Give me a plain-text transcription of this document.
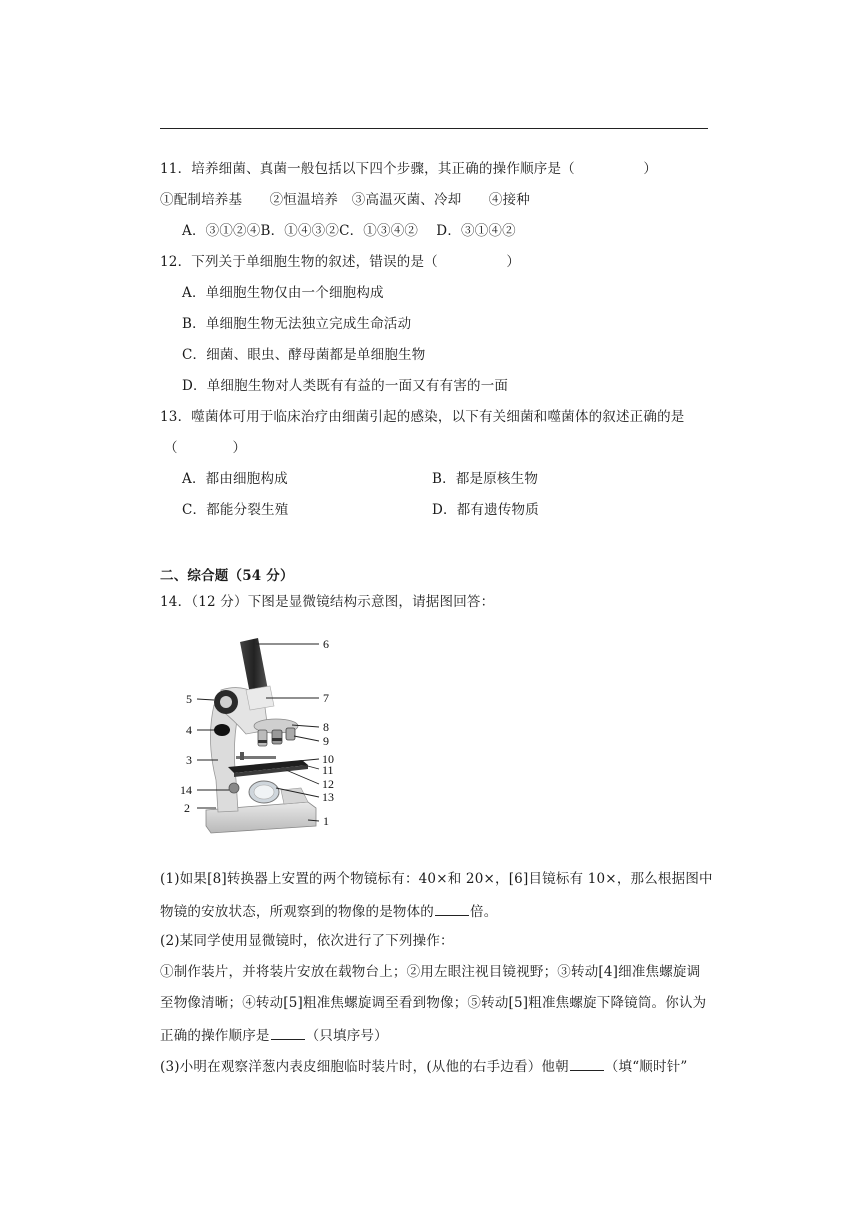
11．培养细菌、真菌一般包括以下四个步骤，其正确的操作顺序是（　　　　　）
①配制培养基　　②恒温培养　③高温灭菌、冷却　　④接种
A．③①②④B．①④③②C．①③④②　 D．③①④②
12．下列关于单细胞生物的叙述，错误的是（　　　　　）
A．单细胞生物仅由一个细胞构成
B．单细胞生物无法独立完成生命活动
C．细菌、眼虫、酵母菌都是单细胞生物
D．单细胞生物对人类既有有益的一面又有有害的一面
13．噬菌体可用于临床治疗由细菌引起的感染，以下有关细菌和噬菌体的叙述正确的是
（　　　　）
A．都由细胞构成	B．都是原核生物
C．都能分裂生殖	D．都有遗传物质
二、综合题（54 分）
14．（12 分）下图是显微镜结构示意图，请据图回答：
6
7
8
9
10
11
12
13
1
5
4
3
14
2
(1)如果[8]转换器上安置的两个物镜标有：40×和 20×，[6]目镜标有 10×，那么根据图中
物镜的安放状态，所观察到的物像的是物体的	倍。
(2)某同学使用显微镜时，依次进行了下列操作：
①制作装片，并将装片安放在载物台上；②用左眼注视目镜视野；③转动[4]细准焦螺旋调
至物像清晰；④转动[5]粗准焦螺旋调至看到物像；⑤转动[5]粗准焦螺旋下降镜筒。你认为
正确的操作顺序是	（只填序号）
(3)小明在观察洋葱内表皮细胞临时装片时，(从他的右手边看）他朝	（填“顺时针”
